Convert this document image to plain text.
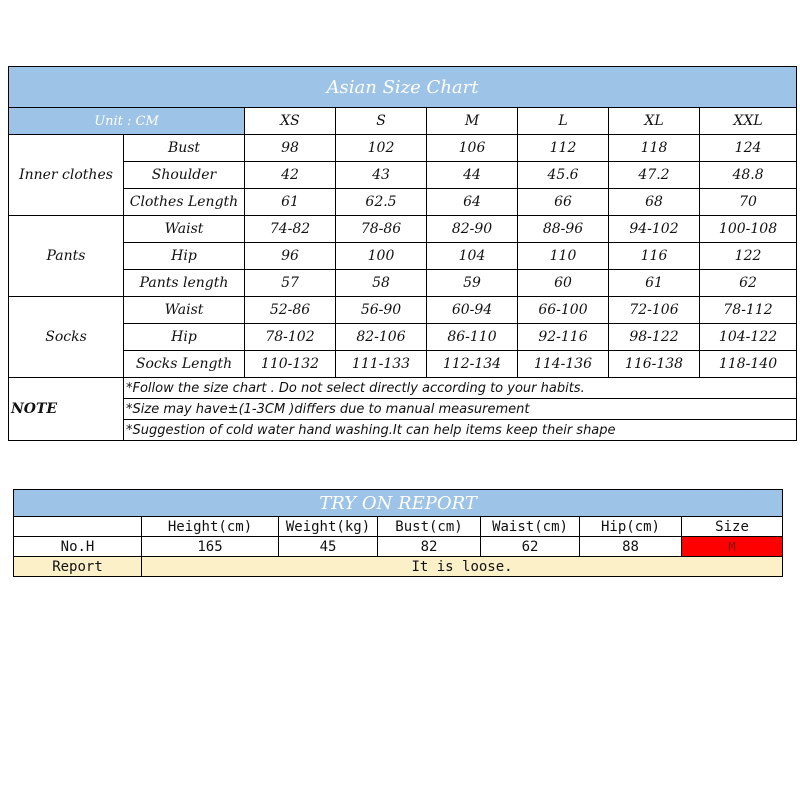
Asian Size Chart							
Unit : CM		XS	S	M	L	XL	XXL
Inner clothes	Bust	98	102	106	112	118	124
	Shoulder	42	43	44	45.6	47.2	48.8
	Clothes Length	61	62.5	64	66	68	70
Pants	Waist	74-82	78-86	82-90	88-96	94-102	100-108
	Hip	96	100	104	110	116	122
	Pants length	57	58	59	60	61	62
Socks	Waist	52-86	56-90	60-94	66-100	72-106	78-112
	Hip	78-102	82-106	86-110	92-116	98-122	104-122
	Socks Length	110-132	111-133	112-134	114-136	116-138	118-140
NOTE	*Follow the size chart . Do not select directly according to your habits.						
	*Size may have±(1-3CM )differs due to manual measurement						
	*Suggestion of cold water hand washing.It can help items keep their shape						
TRY ON REPORT						
	Height(cm)	Weight(kg)	Bust(cm)	Waist(cm)	Hip(cm)	Size
No.H	165	45	82	62	88	M
Report	It is loose.					
